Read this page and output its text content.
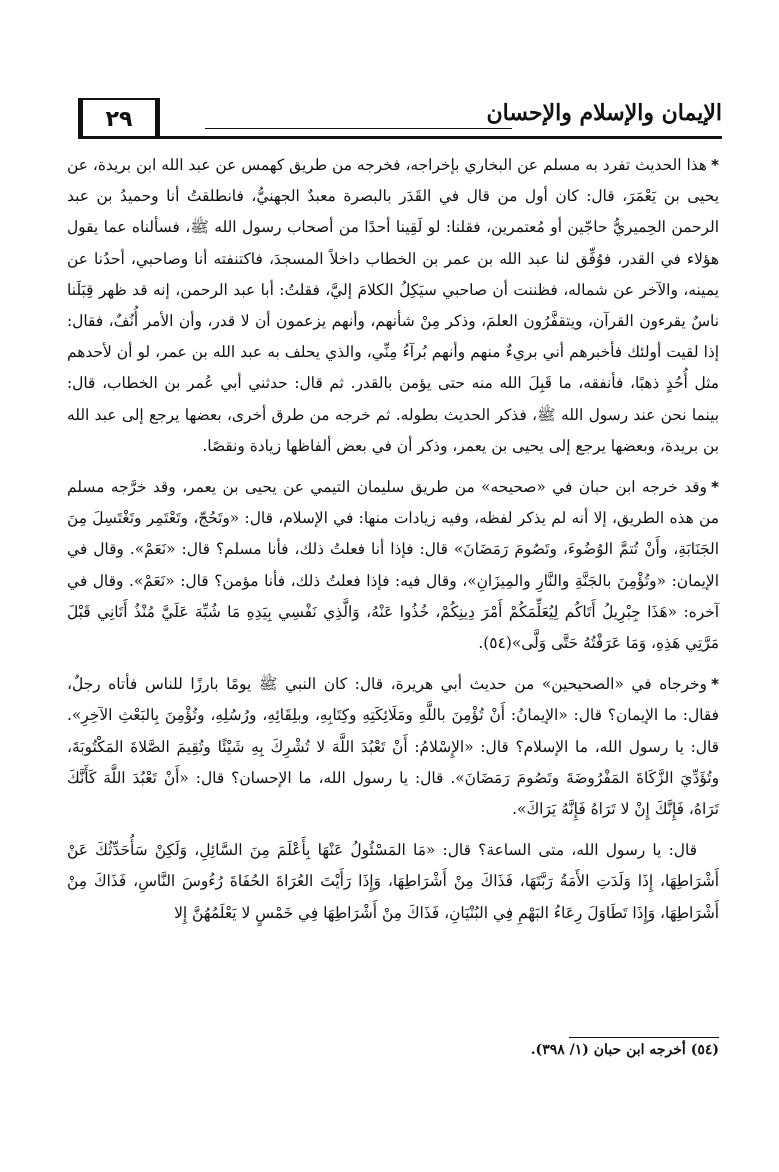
الإيمان والإسلام والإحسان
٢٩

*هذا الحديث تفرد به مسلم عن البخاري بإخراجه، فخرجه من طريق كهمس عن عبد الله ابن بريدة، عن يحيى بن يَعْمَرَ، قال: كان أول من قال في القَدَر بالبصرة معبدٌ الجهنيُّ، فانطلقتُ أنا وحميدُ بن عبد الرحمن الحِميريُّ حاجّين أو مُعتمرين، فقلنا: لو لَقِينا أحدًا من أصحاب رسول الله ﷺ، فسألناه عما يقول هؤلاء في القدر، فوُفِّق لنا عبد الله بن عمر بن الخطاب داخلاً المسجدَ، فاكتنفته أنا وصاحبي، أحدُنا عن يمينه، والآخر عن شماله، فظننت أن صاحبي سيَكِلُ الكلامَ إليَّ، فقلتُ: أبا عبد الرحمن، إنه قد ظهر قِبَلَنا ناسٌ يقرءون القرآن، ويتقفَّرُون العلمَ، وذكر مِنْ شأنهم، وأنهم يزعمون أن لا قدر، وأن الأمر أُنُفٌ، فقال: إذا لقيت أولئك فأخبرهم أني بريءٌ منهم وأنهم بُرآءُ مِنِّي، والذي يحلف به عبد الله بن عمر، لو أن لأحدهم مثل أُحُدٍ ذهبًا، فأنفقه، ما قَبِلَ الله منه حتى يؤمن بالقدر. ثم قال: حدثني أبي عُمر بن الخطاب، قال: بينما نحن عند رسول الله ﷺ، فذكر الحديث بطوله. ثم خرجه من طرق أخرى، بعضها يرجع إلى عبد الله بن بريدة، وبعضها يرجع إلى يحيى بن يعمر، وذكر أن في بعض ألفاظها زيادة ونقصًا.

*وقد خرجه ابن حبان في «صحيحه» من طريق سليمان التيمي عن يحيى بن يعمر، وقد خرَّجه مسلم من هذه الطريق، إلا أنه لم يذكر لفظه، وفيه زيادات منها: في الإسلام، قال: «وتَحُجّ، وتَعْتَمِر وتَغْتَسِلَ مِنَ الجَنَابَةِ، وأَنْ تُتمَّ الوُضُوءَ، وتَصُومَ رَمَضَانَ» قال: فإذا أنا فعلتُ ذلك، فأنا مسلم؟ قال: «نَعَمْ». وقال في الإيمان: «وتُؤْمِنَ بالجَنَّةِ والنَّارِ والمِيزَانِ»، وقال فيه: فإذا فعلتُ ذلك، فأنا مؤمن؟ قال: «نَعَمْ». وقال في آخره: «هَذَا جِبْرِيلُ أَتَاكُم لِيُعَلِّمَكُمْ أَمْرَ دِينِكُمْ، خُذُوا عَنْهُ، وَالَّذِي نَفْسِي بِيَدِهِ مَا شُبِّهَ عَلَيَّ مُنْذُ أَتَانِي قَبْلَ مَرَّتِي هَذِهِ، وَمَا عَرَفْتُهُ حَتَّى وَلَّى»(٥٤).

*وخرجاه في «الصحيحين» من حديث أبي هريرة، قال: كان النبي ﷺ يومًا بارزًا للناس فأتاه رجلٌ، فقال: ما الإيمان؟ قال: «الإيمانُ: أَنْ تُؤْمِنَ باللَّهِ ومَلَائِكَتِهِ وكِتَابِهِ، وبلِقَائِهِ، ورُسُلِهِ، وتُؤْمِنَ بِالبَعْثِ الآخِرِ». قال: يا رسول الله، ما الإسلام؟ قال: «الإِسْلامُ: أَنْ تَعْبُدَ اللَّهَ لا تُشْرِكَ بِهِ شَيْئًا وتُقِيمَ الصَّلاةَ المَكْتُوبَةَ، وتُؤَدِّيَ الزَّكَاةَ المَفْرُوضَةَ وتَصُومَ رَمَضَانَ». قال: يا رسول الله، ما الإحسان؟ قال: «أَنْ تَعْبُدَ اللَّهَ كَأَنَّكَ تَرَاهُ، فَإِنَّكَ إِنْ لا تَرَاهُ فَإِنَّهُ يَرَاكَ».

قال: يا رسول الله، متى الساعة؟ قال: «مَا المَسْئُولُ عَنْهَا بِأَعْلَمَ مِنَ السَّائِلِ، وَلَكِنْ سَأُحَدِّثُكَ عَنْ أَشْرَاطِهَا، إِذَا وَلَدَتِ الأَمَةُ رَبَّتَهَا، فَذَاكَ مِنْ أَشْرَاطِهَا، وَإِذَا رَأَيْتَ العُرَاةَ الحُفَاةَ رُءُوسَ النَّاسِ، فَذَاكَ مِنْ أَشْرَاطِهَا، وَإِذَا تَطَاوَلَ رِعَاءُ البَهْمِ فِي البُنْيَانِ، فَذَاكَ مِنْ أَشْرَاطِهَا فِي خَمْسٍ لا يَعْلَمُهُنَّ إِلا

(٥٤) أخرجه ابن حبان (١/ ٣٩٨).
